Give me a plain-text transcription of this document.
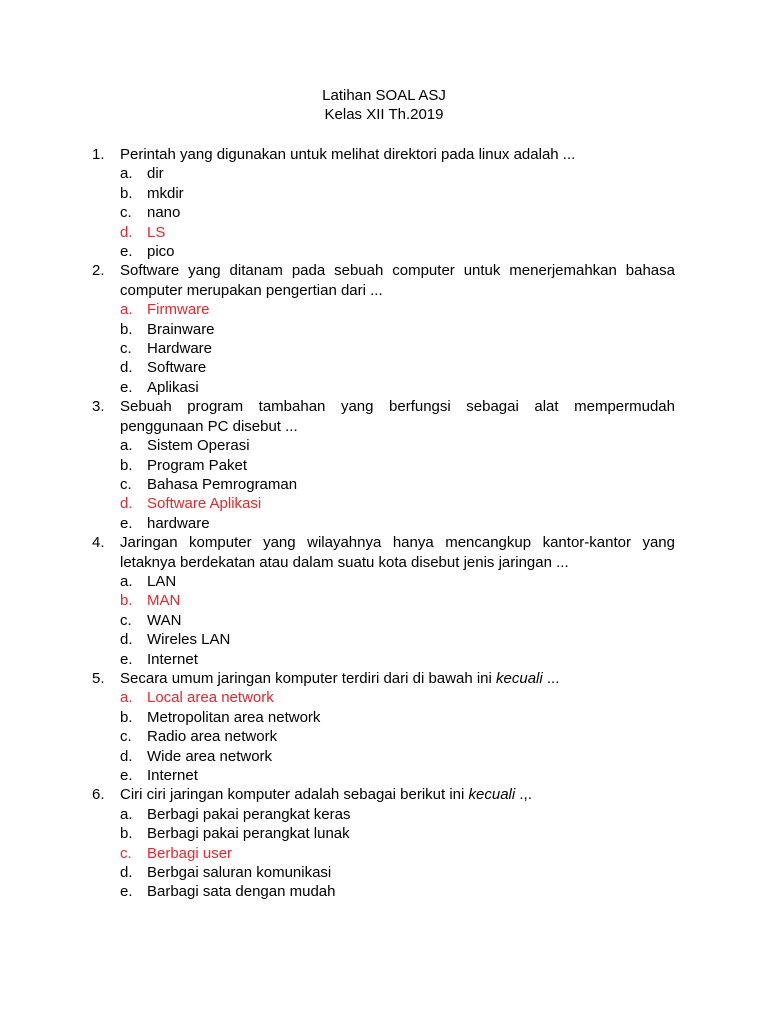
Latihan SOAL ASJ
Kelas XII Th.2019
1. Perintah yang digunakan untuk melihat direktori pada linux adalah ...
a. dir
b. mkdir
c. nano
d. LS
e. pico
2. Software yang ditanam pada sebuah computer untuk menerjemahkan bahasa computer merupakan pengertian dari ...
a. Firmware
b. Brainware
c. Hardware
d. Software
e. Aplikasi
3. Sebuah program tambahan yang berfungsi sebagai alat mempermudah penggunaan PC disebut ...
a. Sistem Operasi
b. Program Paket
c. Bahasa Pemrograman
d. Software Aplikasi
e. hardware
4. Jaringan komputer yang wilayahnya hanya mencangkup kantor-kantor yang letaknya berdekatan atau dalam suatu kota disebut jenis jaringan ...
a. LAN
b. MAN
c. WAN
d. Wireles LAN
e. Internet
5. Secara umum jaringan komputer terdiri dari di bawah ini kecuali ...
a. Local area network
b. Metropolitan area network
c. Radio area network
d. Wide area network
e. Internet
6. Ciri ciri jaringan komputer adalah sebagai berikut ini kecuali .,.
a. Berbagi pakai perangkat keras
b. Berbagi pakai perangkat lunak
c. Berbagi user
d. Berbgai saluran komunikasi
e. Barbagi sata dengan mudah
